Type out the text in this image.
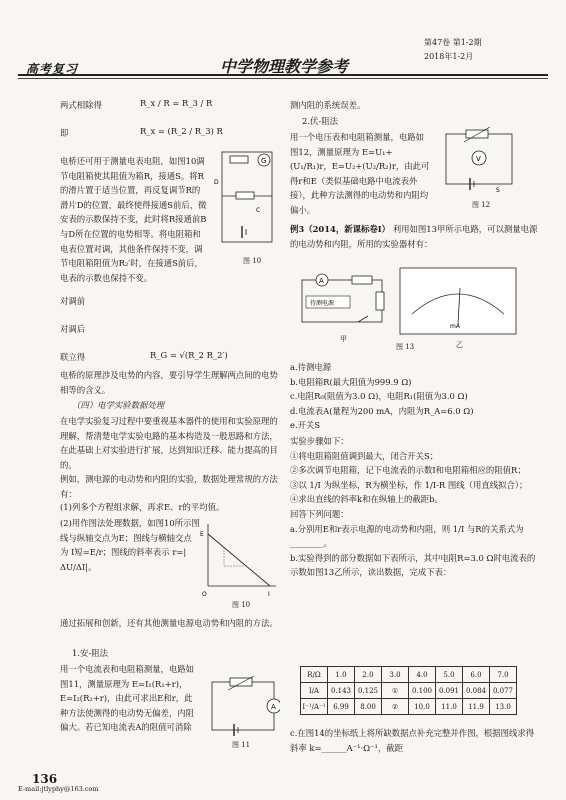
高考复习	中学物理教学参考
第47卷 第1-2期
2018年1-2月
两式相除得	R_x / R = R_3 / R
即	R_x = (R_2 / R_3) R
电桥还可用于测量电表电阻，如图10调节电阻箱使其阻值为箱R，接通S。将R的滑片置于适当位置，再反复调节R的滑片D的位置，最终使得接通S前后，微安表的示数保持不变，此时将R接通前B与D所在位置的电势相等。将电阻箱和电表位置对调，其他条件保持不变，调节电阻箱阻值为R₂′时，在接通S前后，电表的示数也保持不变。
G
D
C
图 10
对调前
对调后
联立得	R_G = √(R_2 R_2′)
电桥的原理涉及电势的内容，要引导学生理解两点间的电势相等的含义。
（四）电学实验数据处理
在电学实验复习过程中要重视基本器件的使用和实验原理的理解，帮清楚电学实验电路的基本构造及一般思路和方法，在此基础上对实验进行扩展，达到知识迁移、能力提高的目的。
例如，测电源的电动势和内阻的实验，数据处理常规的方法有：
(1)列多个方程组求解，再求E、r的平均值。
(2)用作图法处理数据，如图10所示图线与纵轴交点为E；图线与横轴交点为 I短=E/r；图线的斜率表示 r=|ΔU/ΔI|。
E
O	I
图 10
通过拓展和创新，还有其他测量电源电动势和内阻的方法。
1.安-阻法
用一个电流表和电阻箱测量，电路如图11，测量原理为 E=I₁(R₁+r)，E=I₂(R₂+r)，由此可求出E和r，此种方法使测得的电动势无偏差，内阻偏大。若已知电流表A的阻值可消除
A
图 11
136
E-mail:jtlyphy@163.com
测内阻的系统误差。
2.伏-阻法
用一个电压表和电阻箱测量，电路如图12，测量原理为 E=U₁+(U₁/R₁)r，E=U₂+(U₂/R₂)r，由此可得r和E（类似基础电路中电流表外接），此种方法测得的电动势和内阻均偏小。
V
S
图 12
例3（2014，新课标卷Ⅰ） 利用如图13甲所示电路，可以测量电源的电动势和内阻，所用的实验器材有：
A
待测电源
甲
mA
乙
图 13

a.待测电源

b.电阻箱R(最大阻值为999.9 Ω)

c.电阻R₀(阻值为3.0 Ω)，电阻R₁(阻值为3.0 Ω)

d.电流表A(量程为200 mA，内阻为R_A=6.0 Ω)

e.开关S

实验步骤如下：

①将电阻箱阻值调到最大，闭合开关S；

②多次调节电阻箱，记下电流表的示数I和电阻箱相应的阻值R；

③以 1/I 为纵坐标，R为横坐标，作 1/I-R 图线（用直线拟合）；

④求出直线的斜率k和在纵轴上的截距b。

回答下列问题：

a.分别用E和r表示电源的电动势和内阻，则 1/I 与R的关系式为________。

b.实验得到的部分数据如下表所示，其中电阻R=3.0 Ω时电流表的示数如图13乙所示，读出数据，完成下表：

R/Ω	1.0	2.0	3.0	4.0	5.0	6.0	7.0
I/A	0.143	0.125	①	0.100	0.091	0.084	0.077
I⁻¹/A⁻¹	6.99	8.00	②	10.0	11.0	11.9	13.0
c.在图14的坐标纸上将所缺数据点补充完整并作图，根据图线求得斜率 k=______A⁻¹·Ω⁻¹，截距
